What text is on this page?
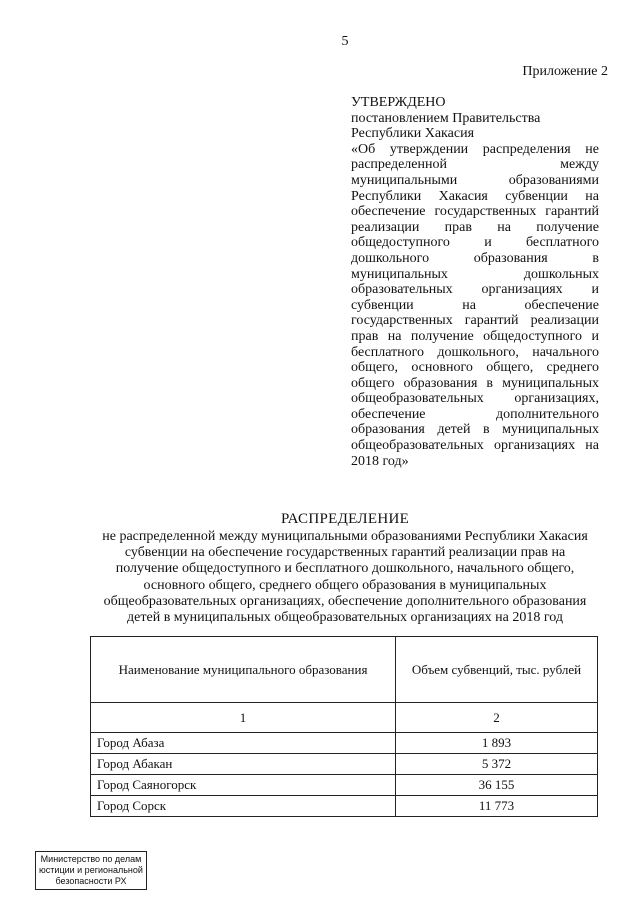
5
Приложение 2
УТВЕРЖДЕНО
постановлением Правительства
Республики Хакасия
«Об утверждении распределения не распределенной между муниципальными образованиями Республики Хакасия субвенции на обеспечение государственных гарантий реализации прав на получение общедоступного и бесплатного дошкольного образования в муниципальных дошкольных образовательных организациях и субвенции на обеспечение государственных гарантий реализации прав на получение общедоступного и бесплатного дошкольного, начального общего, основного общего, среднего общего образования в муниципальных общеобразовательных организациях, обеспечение дополнительного образования детей в муниципальных общеобразовательных организациях на 2018 год»
РАСПРЕДЕЛЕНИЕ
не распределенной между муниципальными образованиями Республики Хакасия субвенции на обеспечение государственных гарантий реализации прав на получение общедоступного и бесплатного дошкольного, начального общего, основного общего, среднего общего образования в муниципальных общеобразовательных организациях, обеспечение дополнительного образования детей в муниципальных общеобразовательных организациях на 2018 год
Наименование муниципального образования	Объем субвенций, тыс. рублей
1	2
Город Абаза	1 893
Город Абакан	5 372
Город Саяногорск	36 155
Город Сорск	11 773
Министерство по делам
юстиции и региональной
безопасности РХ
